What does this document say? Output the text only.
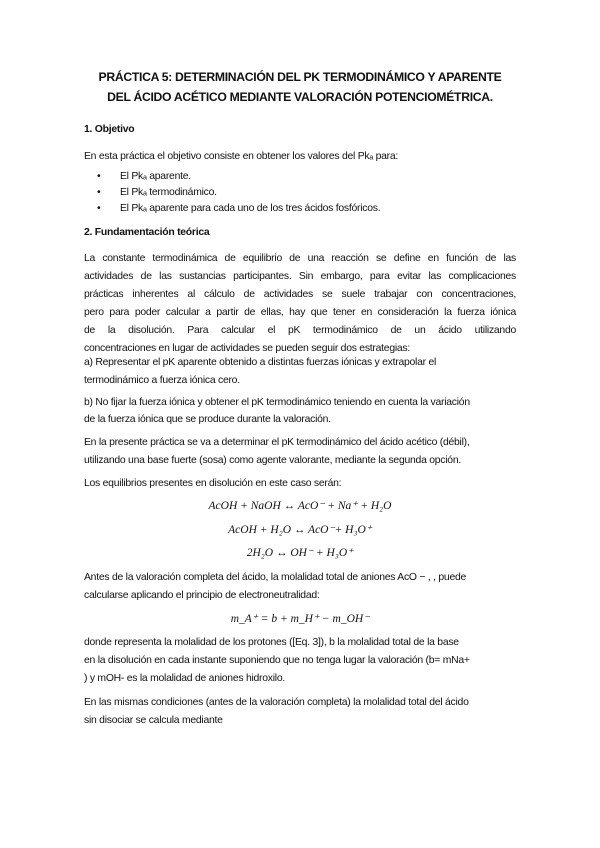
PRÁCTICA 5: DETERMINACIÓN DEL PK TERMODINÁMICO Y APARENTE
DEL ÁCIDO ACÉTICO MEDIANTE VALORACIÓN POTENCIOMÉTRICA.
1. Objetivo
En esta práctica el objetivo consiste en obtener los valores del Pkₐ para:
• El Pkₐ aparente.
• El Pkₐ termodinámico.
• El Pkₐ aparente para cada uno de los tres ácidos fosfóricos.
2. Fundamentación teórica
La constante termodinámica de equilibrio de una reacción se define en función de las
actividades de las sustancias participantes. Sin embargo, para evitar las complicaciones
prácticas inherentes al cálculo de actividades se suele trabajar con concentraciones,
pero para poder calcular a partir de ellas, hay que tener en consideración la fuerza iónica
de la disolución. Para calcular el pK termodinámico de un ácido utilizando
concentraciones en lugar de actividades se pueden seguir dos estrategias:
a) Representar el pK aparente obtenido a distintas fuerzas iónicas y extrapolar el
termodinámico a fuerza iónica cero.
b) No fijar la fuerza iónica y obtener el pK termodinámico teniendo en cuenta la variación
de la fuerza iónica que se produce durante la valoración.
En la presente práctica se va a determinar el pK termodinámico del ácido acético (débil),
utilizando una base fuerte (sosa) como agente valorante, mediante la segunda opción.
Los equilibrios presentes en disolución en este caso serán:
AcOH + NaOH ↔ AcO⁻ + Na⁺ + H₂O
AcOH + H₂O ↔ AcO⁻+ H₃O⁺
2H₂O ↔ OH⁻ + H₃O⁺
Antes de la valoración completa del ácido, la molalidad total de aniones AcO − , , puede
calcularse aplicando el principio de electroneutralidad:
m_A⁺ = b + m_H⁺ − m_OH⁻
donde representa la molalidad de los protones ([Eq. 3]), b la molalidad total de la base
en la disolución en cada instante suponiendo que no tenga lugar la valoración (b= mNa+
) y mOH- es la molalidad de aniones hidroxilo.
En las mismas condiciones (antes de la valoración completa) la molalidad total del ácido
sin disociar se calcula mediante
